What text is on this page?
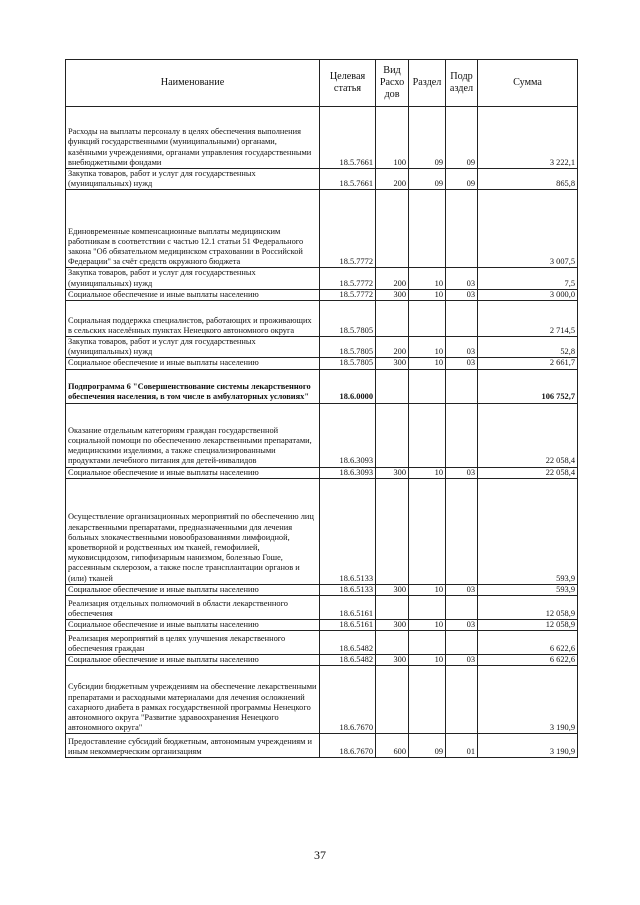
Наименование	Целевая статья	Вид Расхо дов	Раздел	Подр аздел	Сумма
Расходы на выплаты персоналу в целях обеспечения выполнения функций государственными (муниципальными) органами, казёнными учреждениями, органами управления государственными внебюджетными фондами	18.5.7661	100	09	09	3 222,1
Закупка товаров, работ и услуг для государственных (муниципальных) нужд	18.5.7661	200	09	09	865,8
Единовременные компенсационные выплаты медицинским работникам в соответствии с частью 12.1 статьи 51 Федерального закона "Об обязательном медицинском страховании в Российской Федерации" за счёт средств окружного бюджета	18.5.7772				3 007,5
Закупка товаров, работ и услуг для государственных (муниципальных) нужд	18.5.7772	200	10	03	7,5
Социальное обеспечение и иные выплаты населению	18.5.7772	300	10	03	3 000,0
Социальная поддержка специалистов, работающих и проживающих в сельских населённых пунктах Ненецкого автономного округа	18.5.7805				2 714,5
Закупка товаров, работ и услуг для государственных (муниципальных) нужд	18.5.7805	200	10	03	52,8
Социальное обеспечение и иные выплаты населению	18.5.7805	300	10	03	2 661,7
Подпрограмма 6 "Совершенствование системы лекарственного обеспечения населения, в том числе в амбулаторных условиях"	18.6.0000				106 752,7
Оказание отдельным категориям граждан государственной социальной помощи по обеспечению лекарственными препаратами, медицинскими изделиями, а также специализированными продуктами лечебного питания для детей-инвалидов	18.6.3093				22 058,4
Социальное обеспечение и иные выплаты населению	18.6.3093	300	10	03	22 058,4
Осуществление организационных мероприятий по обеспечению лиц лекарственными препаратами, предназначенными для лечения больных злокачественными новообразованиями лимфоидной, кроветворной и родственных им тканей, гемофилией, муковисцидозом, гипофизарным нанизмом, болезнью Гоше, рассеянным склерозом, а также после трансплантации органов и (или) тканей	18.6.5133				593,9
Социальное обеспечение и иные выплаты населению	18.6.5133	300	10	03	593,9
Реализация отдельных полномочий в области лекарственного обеспечения	18.6.5161				12 058,9
Социальное обеспечение и иные выплаты населению	18.6.5161	300	10	03	12 058,9
Реализация мероприятий в целях улучшения лекарственного обеспечения граждан	18.6.5482				6 622,6
Социальное обеспечение и иные выплаты населению	18.6.5482	300	10	03	6 622,6
Субсидии бюджетным учреждениям на обеспечение лекарственными препаратами и расходными материалами для лечения осложнений сахарного диабета в рамках государственной программы Ненецкого автономного округа "Развитие здравоохранения Ненецкого автономного округа"	18.6.7670				3 190,9
Предоставление субсидий бюджетным, автономным учреждениям и иным некоммерческим организациям	18.6.7670	600	09	01	3 190,9
37
